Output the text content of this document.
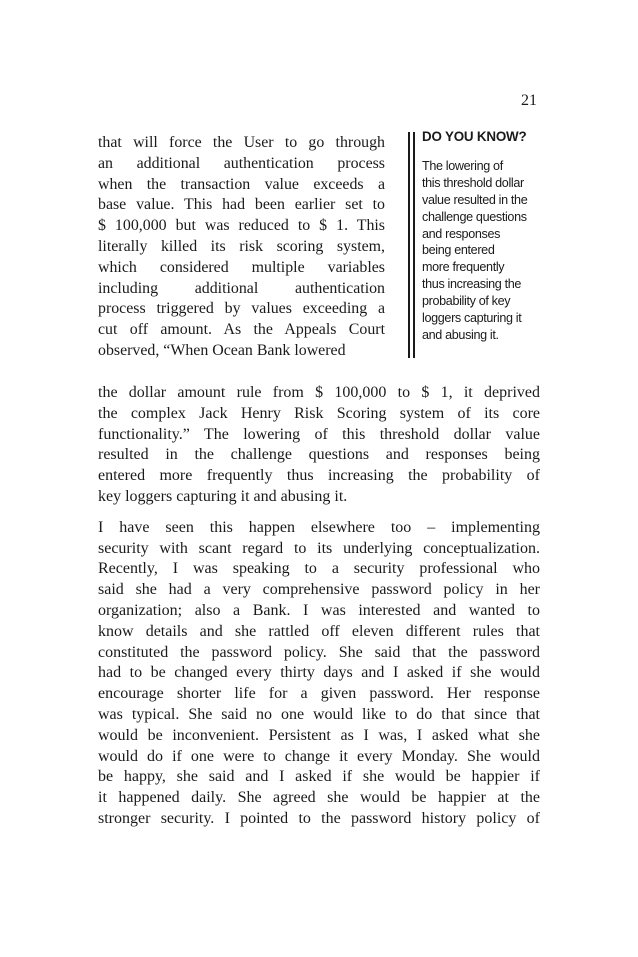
21
that will force the User to go through
an additional authentication process
when the transaction value exceeds a
base value. This had been earlier set to
$ 100,000 but was reduced to $ 1. This
literally killed its risk scoring system,
which considered multiple variables
including additional authentication
process triggered by values exceeding a
cut off amount. As the Appeals Court
observed, “When Ocean Bank lowered
DO YOU KNOW?
The lowering of
this threshold dollar
value resulted in the
challenge questions
and responses
being entered
more frequently
thus increasing the
probability of key
loggers capturing it
and abusing it.
the dollar amount rule from $ 100,000 to $ 1, it deprived
the complex Jack Henry Risk Scoring system of its core
functionality.” The lowering of this threshold dollar value
resulted in the challenge questions and responses being
entered more frequently thus increasing the probability of
key loggers capturing it and abusing it.
I have seen this happen elsewhere too – implementing
security with scant regard to its underlying conceptualization.
Recently, I was speaking to a security professional who
said she had a very comprehensive password policy in her
organization; also a Bank. I was interested and wanted to
know details and she rattled off eleven different rules that
constituted the password policy. She said that the password
had to be changed every thirty days and I asked if she would
encourage shorter life for a given password. Her response
was typical. She said no one would like to do that since that
would be inconvenient. Persistent as I was, I asked what she
would do if one were to change it every Monday. She would
be happy, she said and I asked if she would be happier if
it happened daily. She agreed she would be happier at the
stronger security. I pointed to the password history policy of
